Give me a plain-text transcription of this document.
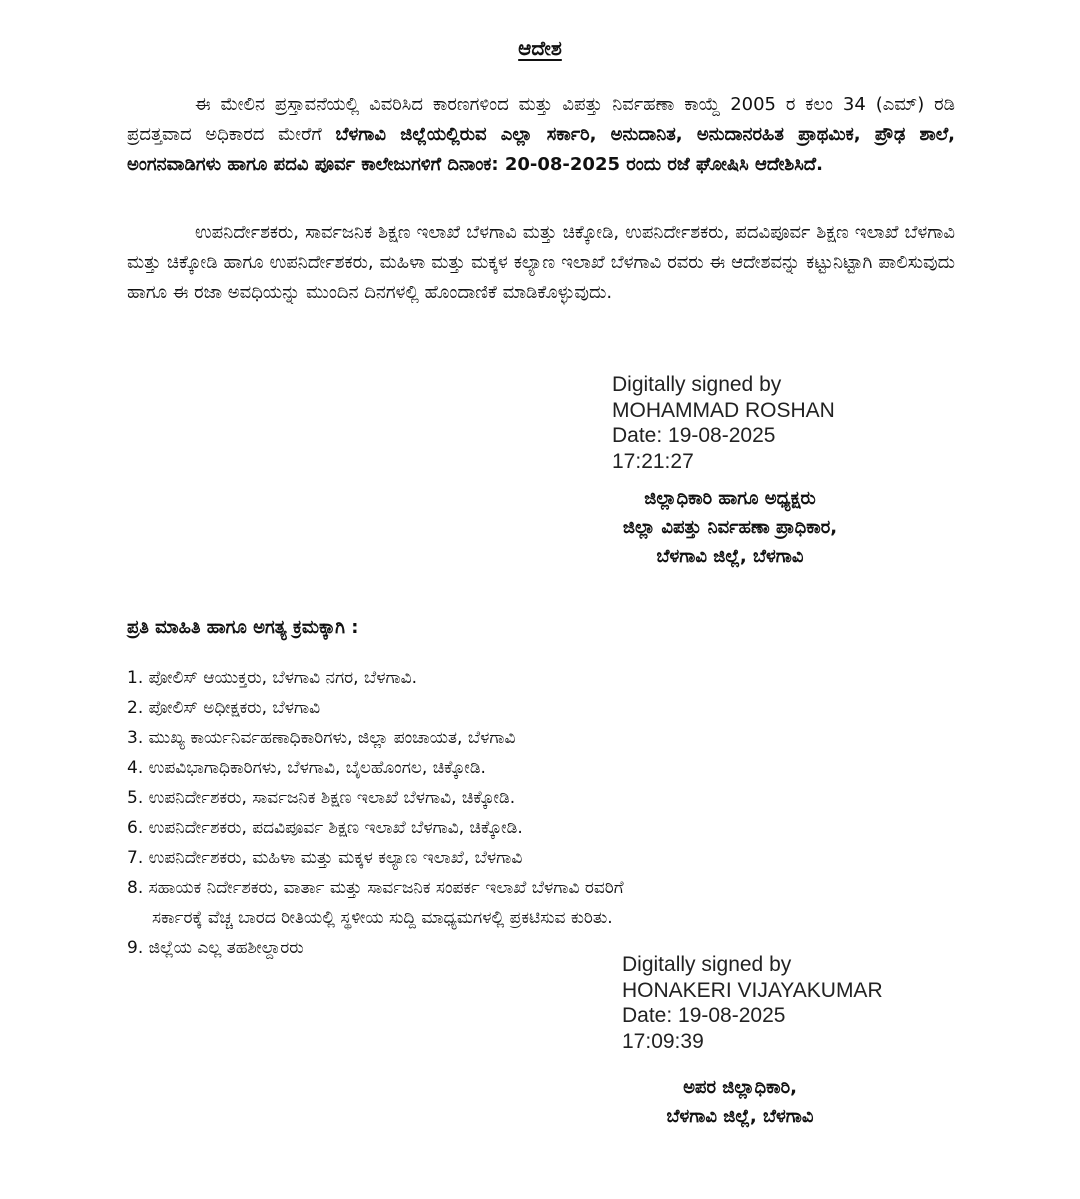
ಆದೇಶ
ಈ ಮೇಲಿನ ಪ್ರಸ್ತಾವನೆಯಲ್ಲಿ ವಿವರಿಸಿದ ಕಾರಣಗಳಿಂದ ಮತ್ತು ವಿಪತ್ತು ನಿರ್ವಹಣಾ ಕಾಯ್ದೆ 2005 ರ ಕಲಂ 34 (ಎಮ್) ರಡಿ ಪ್ರದತ್ತವಾದ ಅಧಿಕಾರದ ಮೇರೆಗೆ ಬೆಳಗಾವಿ ಜಿಲ್ಲೆಯಲ್ಲಿರುವ ಎಲ್ಲಾ ಸರ್ಕಾರಿ, ಅನುದಾನಿತ, ಅನುದಾನರಹಿತ ಪ್ರಾಥಮಿಕ, ಪ್ರೌಢ ಶಾಲೆ, ಅಂಗನವಾಡಿಗಳು ಹಾಗೂ ಪದವಿ ಪೂರ್ವ ಕಾಲೇಜುಗಳಿಗೆ ದಿನಾಂಕ: 20-08-2025 ರಂದು ರಜೆ ಘೋಷಿಸಿ ಆದೇಶಿಸಿದೆ.
ಉಪನಿರ್ದೇಶಕರು, ಸಾರ್ವಜನಿಕ ಶಿಕ್ಷಣ ಇಲಾಖೆ ಬೆಳಗಾವಿ ಮತ್ತು ಚಿಕ್ಕೋಡಿ, ಉಪನಿರ್ದೇಶಕರು, ಪದವಿಪೂರ್ವ ಶಿಕ್ಷಣ ಇಲಾಖೆ ಬೆಳಗಾವಿ ಮತ್ತು ಚಿಕ್ಕೋಡಿ ಹಾಗೂ ಉಪನಿರ್ದೇಶಕರು, ಮಹಿಳಾ ಮತ್ತು ಮಕ್ಕಳ ಕಲ್ಯಾಣ ಇಲಾಖೆ ಬೆಳಗಾವಿ ರವರು ಈ ಆದೇಶವನ್ನು ಕಟ್ಟುನಿಟ್ಟಾಗಿ ಪಾಲಿಸುವುದು ಹಾಗೂ ಈ ರಜಾ ಅವಧಿಯನ್ನು ಮುಂದಿನ ದಿನಗಳಲ್ಲಿ ಹೊಂದಾಣಿಕೆ ಮಾಡಿಕೊಳ್ಳುವುದು.
Digitally signed by
MOHAMMAD ROSHAN
Date: 19-08-2025
17:21:27
ಜಿಲ್ಲಾಧಿಕಾರಿ ಹಾಗೂ ಅಧ್ಯಕ್ಷರು
ಜಿಲ್ಲಾ ವಿಪತ್ತು ನಿರ್ವಹಣಾ ಪ್ರಾಧಿಕಾರ,
ಬೆಳಗಾವಿ ಜಿಲ್ಲೆ, ಬೆಳಗಾವಿ
ಪ್ರತಿ ಮಾಹಿತಿ ಹಾಗೂ ಅಗತ್ಯ ಕ್ರಮಕ್ಕಾಗಿ :
1. ಪೋಲಿಸ್ ಆಯುಕ್ತರು, ಬೆಳಗಾವಿ ನಗರ, ಬೆಳಗಾವಿ.
2. ಪೋಲಿಸ್ ಅಧೀಕ್ಷಕರು, ಬೆಳಗಾವಿ
3. ಮುಖ್ಯ ಕಾರ್ಯನಿರ್ವಹಣಾಧಿಕಾರಿಗಳು, ಜಿಲ್ಲಾ ಪಂಚಾಯತ, ಬೆಳಗಾವಿ
4. ಉಪವಿಭಾಗಾಧಿಕಾರಿಗಳು, ಬೆಳಗಾವಿ, ಬೈಲಹೊಂಗಲ, ಚಿಕ್ಕೋಡಿ.
5. ಉಪನಿರ್ದೇಶಕರು, ಸಾರ್ವಜನಿಕ ಶಿಕ್ಷಣ ಇಲಾಖೆ ಬೆಳಗಾವಿ, ಚಿಕ್ಕೋಡಿ.
6. ಉಪನಿರ್ದೇಶಕರು, ಪದವಿಪೂರ್ವ ಶಿಕ್ಷಣ ಇಲಾಖೆ ಬೆಳಗಾವಿ, ಚಿಕ್ಕೋಡಿ.
7. ಉಪನಿರ್ದೇಶಕರು, ಮಹಿಳಾ ಮತ್ತು ಮಕ್ಕಳ ಕಲ್ಯಾಣ ಇಲಾಖೆ, ಬೆಳಗಾವಿ
8. ಸಹಾಯಕ ನಿರ್ದೇಶಕರು, ವಾರ್ತಾ ಮತ್ತು ಸಾರ್ವಜನಿಕ ಸಂಪರ್ಕ ಇಲಾಖೆ ಬೆಳಗಾವಿ ರವರಿಗೆ
ಸರ್ಕಾರಕ್ಕೆ ವೆಚ್ಚ ಬಾರದ ರೀತಿಯಲ್ಲಿ ಸ್ಥಳೀಯ ಸುದ್ದಿ ಮಾಧ್ಯಮಗಳಲ್ಲಿ ಪ್ರಕಟಿಸುವ ಕುರಿತು.
9. ಜಿಲ್ಲೆಯ ಎಲ್ಲ ತಹಶೀಲ್ದಾರರು
Digitally signed by
HONAKERI VIJAYAKUMAR
Date: 19-08-2025
17:09:39
ಅಪರ ಜಿಲ್ಲಾಧಿಕಾರಿ,
ಬೆಳಗಾವಿ ಜಿಲ್ಲೆ, ಬೆಳಗಾವಿ
